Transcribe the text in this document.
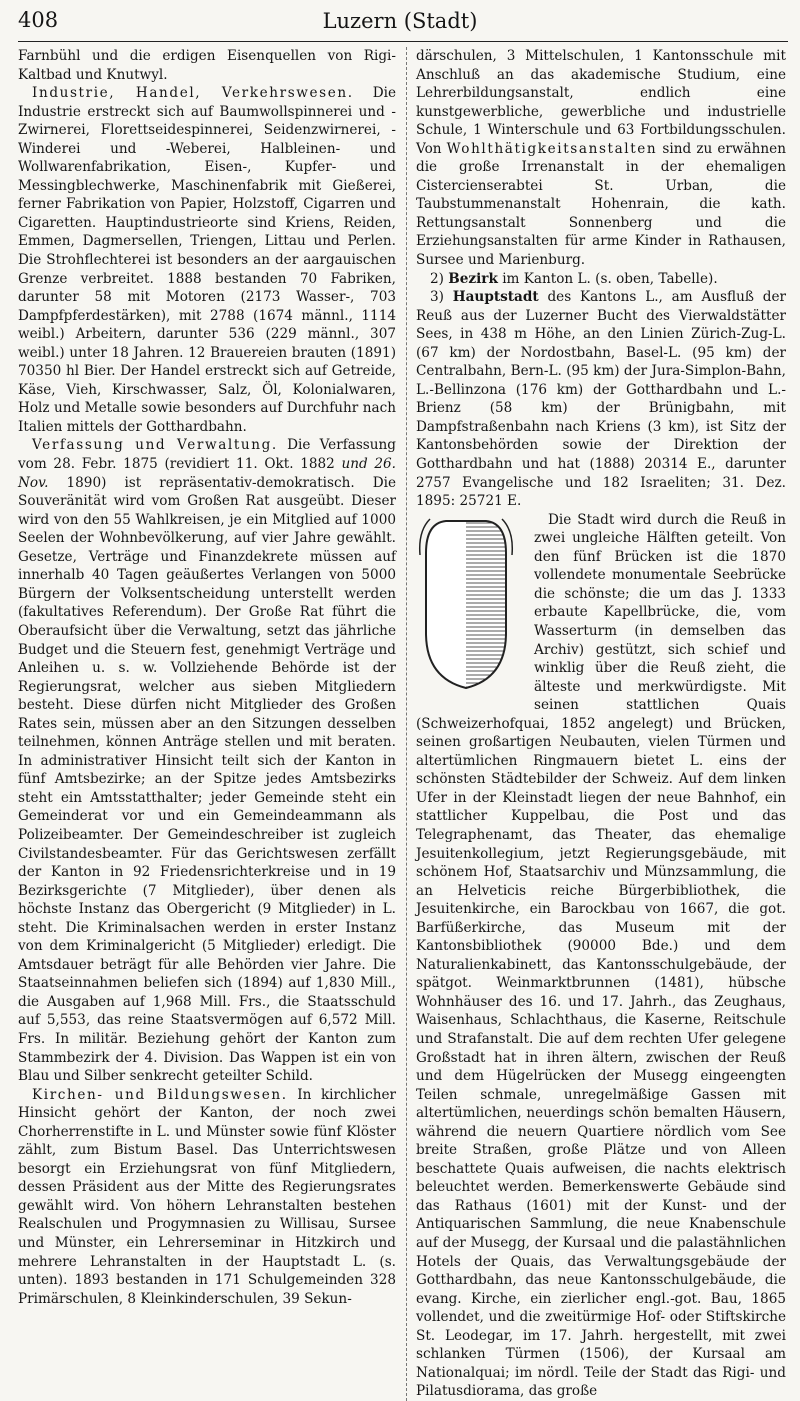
408	Luzern (Stadt)

Farnbühl und die erdigen Eisenquellen von Rigi-Kaltbad und Knutwyl.

Industrie, Handel, Verkehrswesen. Die Industrie erstreckt sich auf Baumwollspinnerei und -Zwirnerei, Florettseidespinnerei, Seidenzwirnerei, -Winderei und -Weberei, Halbleinen- und Wollwarenfabrikation, Eisen-, Kupfer- und Messingblechwerke, Maschinenfabrik mit Gießerei, ferner Fabrikation von Papier, Holzstoff, Cigarren und Cigaretten. Hauptindustrieorte sind Kriens, Reiden, Emmen, Dagmersellen, Triengen, Littau und Perlen. Die Strohflechterei ist besonders an der aargauischen Grenze verbreitet. 1888 bestanden 70 Fabriken, darunter 58 mit Motoren (2173 Wasser-, 703 Dampfpferdestärken), mit 2788 (1674 männl., 1114 weibl.) Arbeitern, darunter 536 (229 männl., 307 weibl.) unter 18 Jahren. 12 Brauereien brauten (1891) 70350 hl Bier. Der Handel erstreckt sich auf Getreide, Käse, Vieh, Kirschwasser, Salz, Öl, Kolonialwaren, Holz und Metalle sowie besonders auf Durchfuhr nach Italien mittels der Gotthardbahn.

Verfassung und Verwaltung. Die Verfassung vom 28. Febr. 1875 (revidiert 11. Okt. 1882 und 26. Nov. 1890) ist repräsentativ-demokratisch. Die Souveränität wird vom Großen Rat ausgeübt. Dieser wird von den 55 Wahlkreisen, je ein Mitglied auf 1000 Seelen der Wohnbevölkerung, auf vier Jahre gewählt. Gesetze, Verträge und Finanzdekrete müssen auf innerhalb 40 Tagen geäußertes Verlangen von 5000 Bürgern der Volksentscheidung unterstellt werden (fakultatives Referendum). Der Große Rat führt die Oberaufsicht über die Verwaltung, setzt das jährliche Budget und die Steuern fest, genehmigt Verträge und Anleihen u. s. w. Vollziehende Behörde ist der Regierungsrat, welcher aus sieben Mitgliedern besteht. Diese dürfen nicht Mitglieder des Großen Rates sein, müssen aber an den Sitzungen desselben teilnehmen, können Anträge stellen und mit beraten. In administrativer Hinsicht teilt sich der Kanton in fünf Amtsbezirke; an der Spitze jedes Amtsbezirks steht ein Amtsstatthalter; jeder Gemeinde steht ein Gemeinderat vor und ein Gemeindeammann als Polizeibeamter. Der Gemeindeschreiber ist zugleich Civilstandesbeamter. Für das Gerichtswesen zerfällt der Kanton in 92 Friedensrichterkreise und in 19 Bezirksgerichte (7 Mitglieder), über denen als höchste Instanz das Obergericht (9 Mitglieder) in L. steht. Die Kriminalsachen werden in erster Instanz von dem Kriminalgericht (5 Mitglieder) erledigt. Die Amtsdauer beträgt für alle Behörden vier Jahre. Die Staatseinnahmen beliefen sich (1894) auf 1,830 Mill., die Ausgaben auf 1,968 Mill. Frs., die Staatsschuld auf 5,553, das reine Staatsvermögen auf 6,572 Mill. Frs. In militär. Beziehung gehört der Kanton zum Stammbezirk der 4. Division. Das Wappen ist ein von Blau und Silber senkrecht geteilter Schild.

Kirchen- und Bildungswesen. In kirchlicher Hinsicht gehört der Kanton, der noch zwei Chorherrenstifte in L. und Münster sowie fünf Klöster zählt, zum Bistum Basel. Das Unterrichtswesen besorgt ein Erziehungsrat von fünf Mitgliedern, dessen Präsident aus der Mitte des Regierungsrates gewählt wird. Von höhern Lehranstalten bestehen Realschulen und Progymnasien zu Willisau, Sursee und Münster, ein Lehrerseminar in Hitzkirch und mehrere Lehranstalten in der Hauptstadt L. (s. unten). 1893 bestanden in 171 Schulgemeinden 328 Primärschulen, 8 Kleinkinderschulen, 39 Sekun-

därschulen, 3 Mittelschulen, 1 Kantonsschule mit Anschluß an das akademische Studium, eine Lehrerbildungsanstalt, endlich eine kunstgewerbliche, gewerbliche und industrielle Schule, 1 Winterschule und 63 Fortbildungsschulen. Von Wohlthätigkeitsanstalten sind zu erwähnen die große Irrenanstalt in der ehemaligen Cistercienserabtei St. Urban, die Taubstummenanstalt Hohenrain, die kath. Rettungsanstalt Sonnenberg und die Erziehungsanstalten für arme Kinder in Rathausen, Sursee und Marienburg.

2) Bezirk im Kanton L. (s. oben, Tabelle).

3) Hauptstadt des Kantons L., am Ausfluß der Reuß aus der Luzerner Bucht des Vierwaldstätter Sees, in 438 m Höhe, an den Linien Zürich-Zug-L. (67 km) der Nordostbahn, Basel-L. (95 km) der Centralbahn, Bern-L. (95 km) der Jura-Simplon-Bahn, L.-Bellinzona (176 km) der Gotthardbahn und L.-Brienz (58 km) der Brünigbahn, mit Dampfstraßenbahn nach Kriens (3 km), ist Sitz der Kantonsbehörden sowie der Direktion der Gotthardbahn und hat (1888) 20314 E., darunter 2757 Evangelische und 182 Israeliten; 31. Dez. 1895: 25721 E.

Die Stadt wird durch die Reuß in zwei ungleiche Hälften geteilt. Von den fünf Brücken ist die 1870 vollendete monumentale Seebrücke die schönste; die um das J. 1333 erbaute Kapellbrücke, die, vom Wasserturm (in demselben das Archiv) gestützt, sich schief und winklig über die Reuß zieht, die älteste und merkwürdigste. Mit seinen stattlichen Quais (Schweizerhofquai, 1852 angelegt) und Brücken, seinen großartigen Neubauten, vielen Türmen und altertümlichen Ringmauern bietet L. eins der schönsten Städtebilder der Schweiz. Auf dem linken Ufer in der Kleinstadt liegen der neue Bahnhof, ein stattlicher Kuppelbau, die Post und das Telegraphenamt, das Theater, das ehemalige Jesuitenkollegium, jetzt Regierungsgebäude, mit schönem Hof, Staatsarchiv und Münzsammlung, die an Helveticis reiche Bürgerbibliothek, die Jesuitenkirche, ein Barockbau von 1667, die got. Barfüßerkirche, das Museum mit der Kantonsbibliothek (90000 Bde.) und dem Naturalienkabinett, das Kantonsschulgebäude, der spätgot. Weinmarktbrunnen (1481), hübsche Wohnhäuser des 16. und 17. Jahrh., das Zeughaus, Waisenhaus, Schlachthaus, die Kaserne, Reitschule und Strafanstalt. Die auf dem rechten Ufer gelegene Großstadt hat in ihren ältern, zwischen der Reuß und dem Hügelrücken der Musegg eingeengten Teilen schmale, unregelmäßige Gassen mit altertümlichen, neuerdings schön bemalten Häusern, während die neuern Quartiere nördlich vom See breite Straßen, große Plätze und von Alleen beschattete Quais aufweisen, die nachts elektrisch beleuchtet werden. Bemerkenswerte Gebäude sind das Rathaus (1601) mit der Kunst- und der Antiquarischen Sammlung, die neue Knabenschule auf der Musegg, der Kursaal und die palastähnlichen Hotels der Quais, das Verwaltungsgebäude der Gotthardbahn, das neue Kantonsschulgebäude, die evang. Kirche, ein zierlicher engl.-got. Bau, 1865 vollendet, und die zweitürmige Hof- oder Stiftskirche St. Leodegar, im 17. Jahrh. hergestellt, mit zwei schlanken Türmen (1506), der Kursaal am Nationalquai; im nördl. Teile der Stadt das Rigi- und Pilatusdiorama, das große
